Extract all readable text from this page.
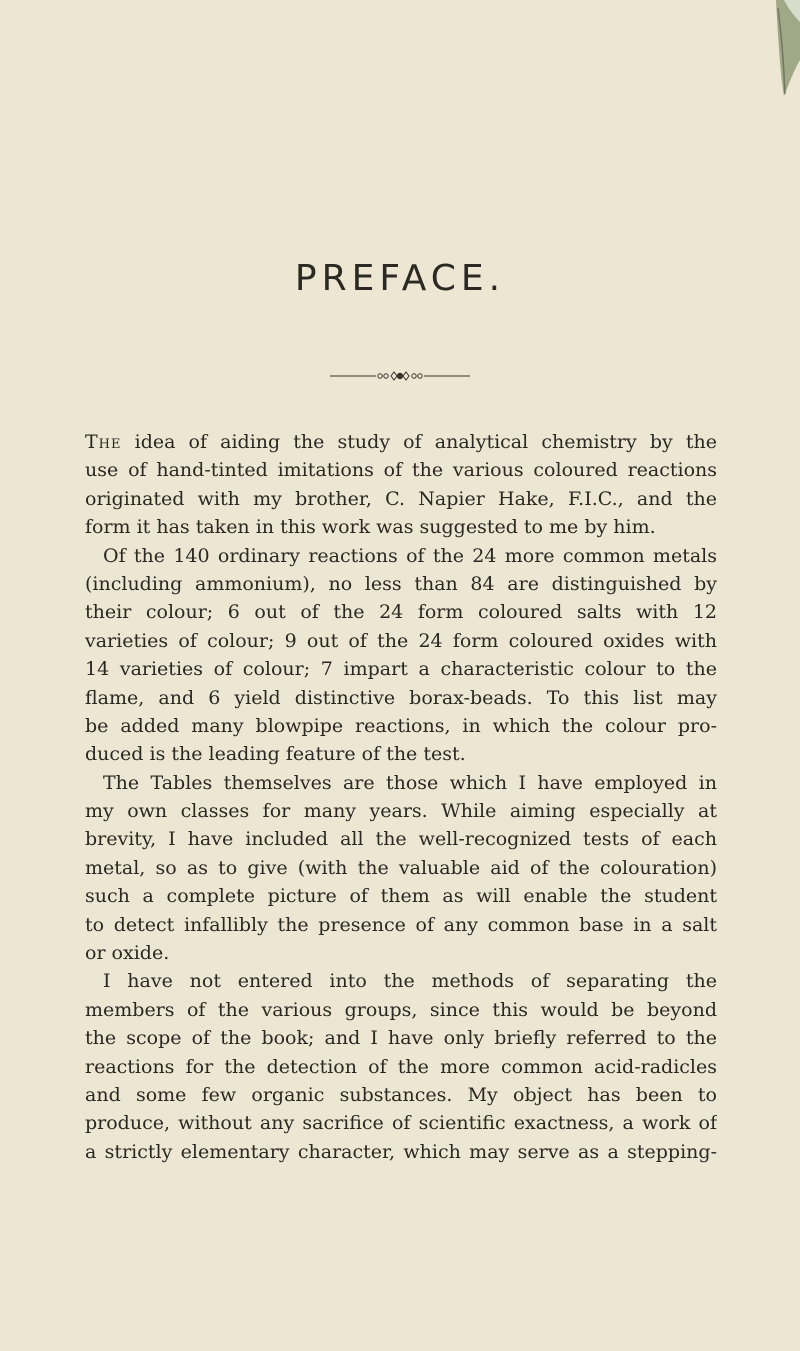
PREFACE.

The idea of aiding the study of analytical chemistry by the
use of hand-tinted imitations of the various coloured reactions
originated with my brother, C. Napier Hake, F.I.C., and the
form it has taken in this work was suggested to me by him.

Of the 140 ordinary reactions of the 24 more common metals
(including ammonium), no less than 84 are distinguished by
their colour; 6 out of the 24 form coloured salts with 12
varieties of colour; 9 out of the 24 form coloured oxides with
14 varieties of colour; 7 impart a characteristic colour to the
flame, and 6 yield distinctive borax-beads. To this list may
be added many blowpipe reactions, in which the colour pro-
duced is the leading feature of the test.

The Tables themselves are those which I have employed in
my own classes for many years. While aiming especially at
brevity, I have included all the well-recognized tests of each
metal, so as to give (with the valuable aid of the colouration)
such a complete picture of them as will enable the student
to detect infallibly the presence of any common base in a salt
or oxide.

I have not entered into the methods of separating the
members of the various groups, since this would be beyond
the scope of the book; and I have only briefly referred to the
reactions for the detection of the more common acid-radicles
and some few organic substances. My object has been to
produce, without any sacrifice of scientific exactness, a work of
a strictly elementary character, which may serve as a stepping-
